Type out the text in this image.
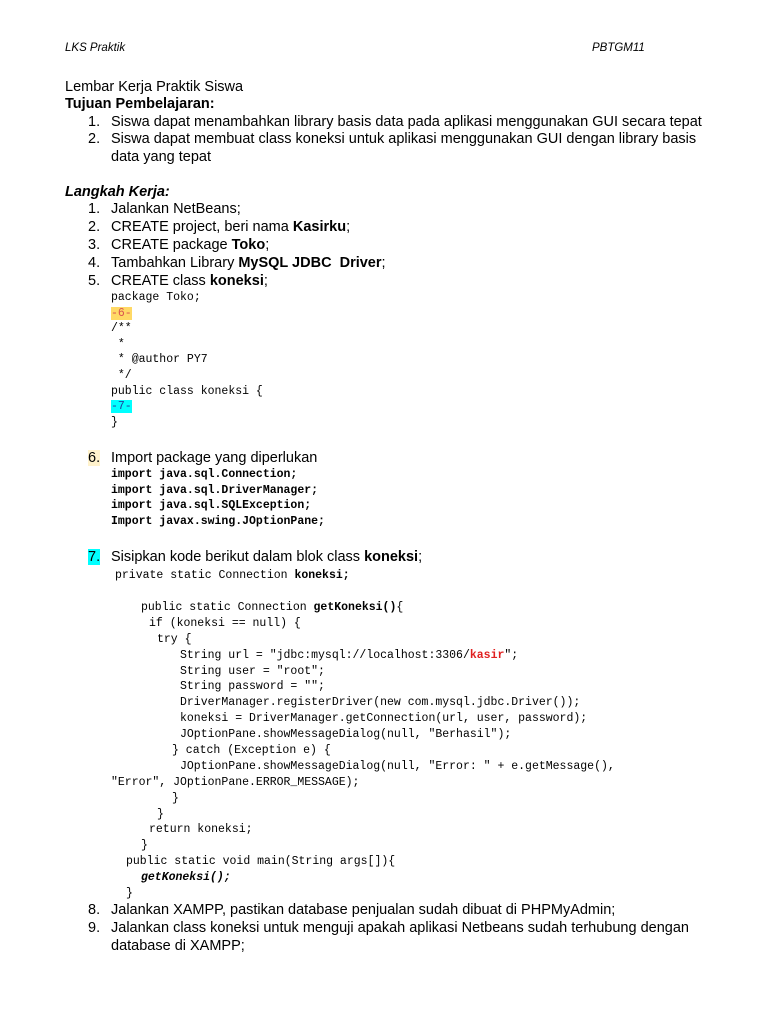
LKS Praktik	PBTGM11
Lembar Kerja Praktik Siswa
Tujuan Pembelajaran:
1. Siswa dapat menambahkan library basis data pada aplikasi menggunakan GUI secara tepat
2. Siswa dapat membuat class koneksi untuk aplikasi menggunakan GUI dengan library basis
data yang tepat
Langkah Kerja:
1. Jalankan NetBeans;
2. CREATE project, beri nama Kasirku;
3. CREATE package Toko;
4. Tambahkan Library MySQL JDBC  Driver;
5. CREATE class koneksi;
package Toko;
-6-
/**
*
* @author PY7
*/
public class koneksi {
-7-
}
6. Import package yang diperlukan
import java.sql.Connection;
import java.sql.DriverManager;
import java.sql.SQLException;
Import javax.swing.JOptionPane;
7. Sisipkan kode berikut dalam blok class koneksi;
private static Connection koneksi;
public static Connection getKoneksi(){
if (koneksi == null) {
try {
String url = "jdbc:mysql://localhost:3306/kasir";
String user = "root";
String password = "";
DriverManager.registerDriver(new com.mysql.jdbc.Driver());
koneksi = DriverManager.getConnection(url, user, password);
JOptionPane.showMessageDialog(null, "Berhasil");
} catch (Exception e) {
JOptionPane.showMessageDialog(null, "Error: " + e.getMessage(),
"Error", JOptionPane.ERROR_MESSAGE);
}
}
return koneksi;
}
public static void main(String args[]){
getKoneksi();
}
8. Jalankan XAMPP, pastikan database penjualan sudah dibuat di PHPMyAdmin;
9. Jalankan class koneksi untuk menguji apakah aplikasi Netbeans sudah terhubung dengan
database di XAMPP;
